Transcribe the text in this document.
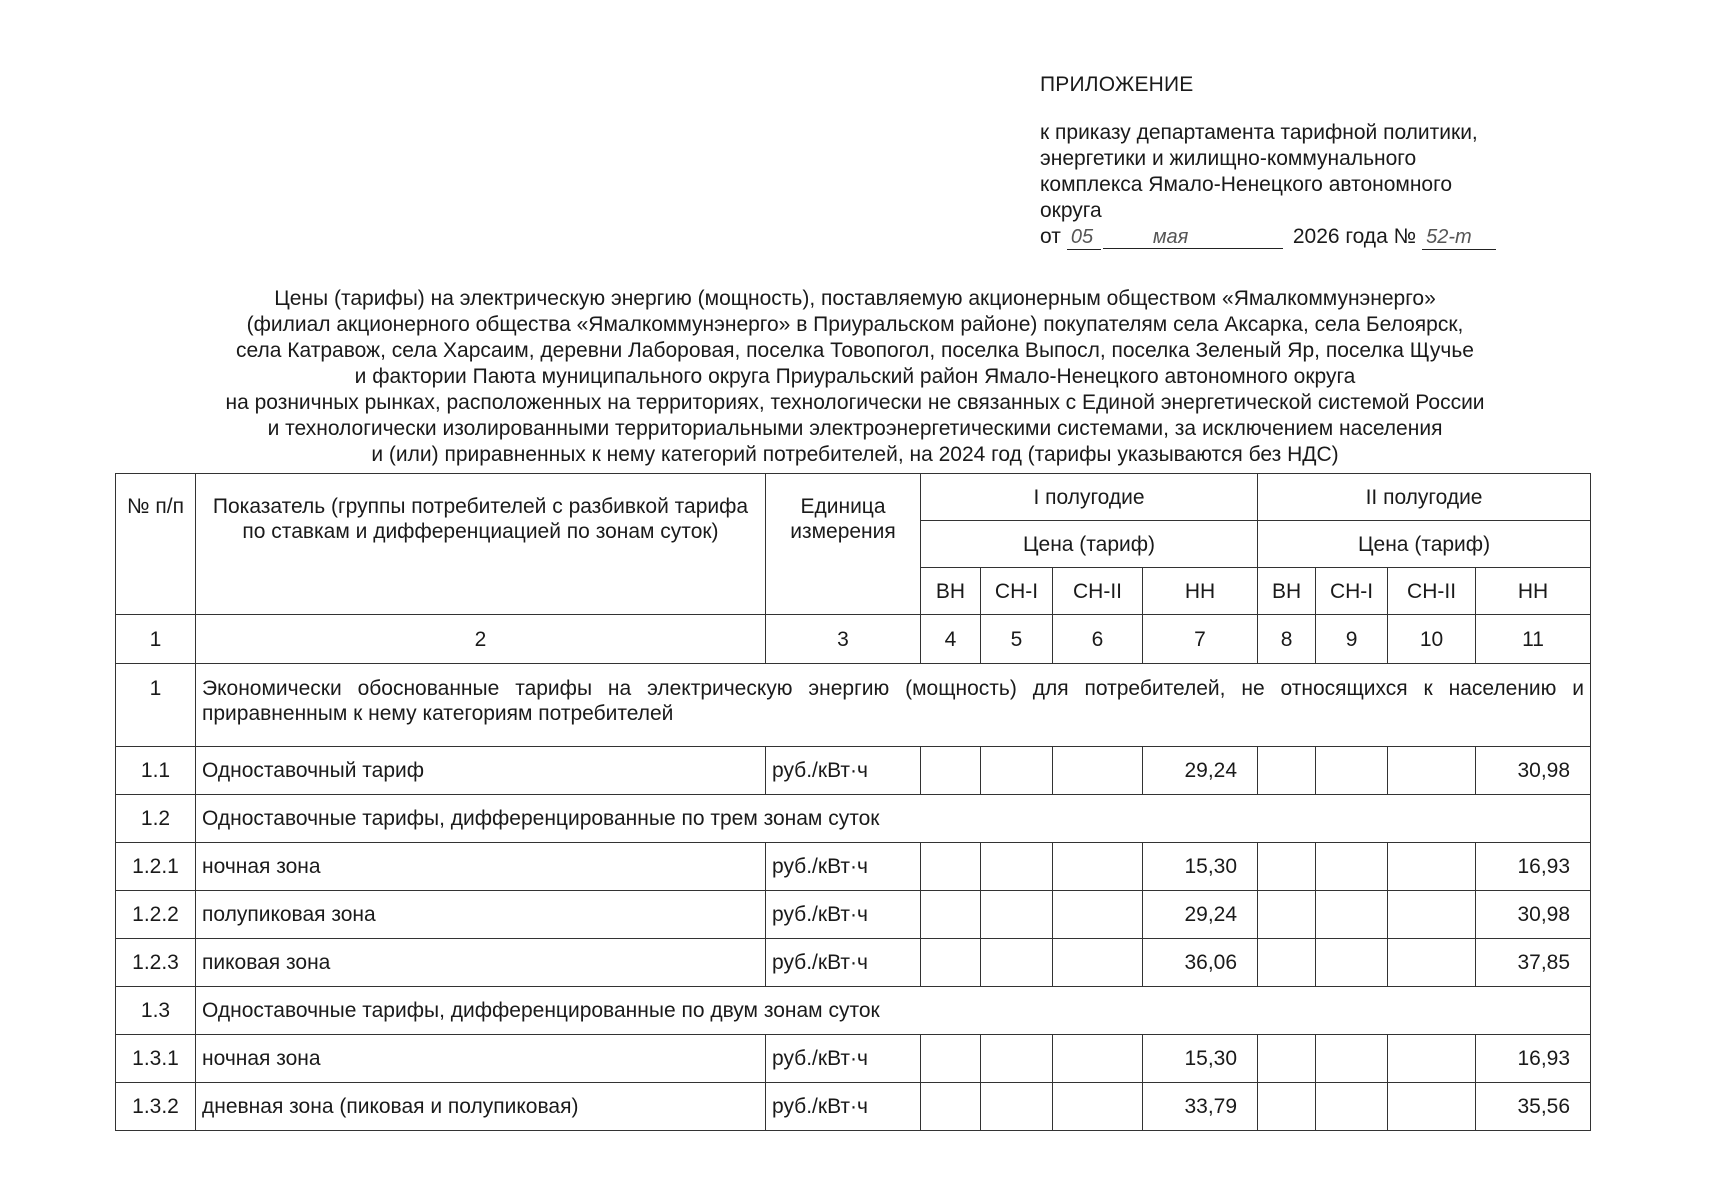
ПРИЛОЖЕНИЕ
к приказу департамента тарифной политики,
энергетики и жилищно-коммунального
комплекса Ямало-Ненецкого автономного
округа
от 05	мая	2026 года № 52-т
Цены (тарифы) на электрическую энергию (мощность), поставляемую акционерным обществом «Ямалкоммунэнерго»
(филиал акционерного общества «Ямалкоммунэнерго» в Приуральском районе) покупателям села Аксарка, села Белоярск,
села Катравож, села Харсаим, деревни Лаборовая, поселка Товопогол, поселка Выпосл, поселка Зеленый Яр, поселка Щучье
и фактории Паюта муниципального округа Приуральский район Ямало-Ненецкого автономного округа
на розничных рынках, расположенных на территориях, технологически не связанных с Единой энергетической системой России
и технологически изолированными территориальными электроэнергетическими системами, за исключением населения
и (или) приравненных к нему категорий потребителей, на 2024 год (тарифы указываются без НДС)
№ п/п	Показатель (группы потребителей с разбивкой тарифа по ставкам и дифференциацией по зонам суток)	Единица измерения	I полугодие				II полугодие			
			Цена (тариф)				Цена (тариф)			
			ВН	СН-I	СН-II	НН	ВН	СН-I	СН-II	НН
1	2	3	4	5	6	7	8	9	10	11
1	Экономически обоснованные тарифы на электрическую энергию (мощность) для потребителей, не относящихся к населению и приравненным к нему категориям потребителей									
1.1	Одноставочный тариф	руб./кВт·ч				29,24				30,98
1.2	Одноставочные тарифы, дифференцированные по трем зонам суток									
1.2.1	ночная зона	руб./кВт·ч				15,30				16,93
1.2.2	полупиковая зона	руб./кВт·ч				29,24				30,98
1.2.3	пиковая зона	руб./кВт·ч				36,06				37,85
1.3	Одноставочные тарифы, дифференцированные по двум зонам суток									
1.3.1	ночная зона	руб./кВт·ч				15,30				16,93
1.3.2	дневная зона (пиковая и полупиковая)	руб./кВт·ч				33,79				35,56
